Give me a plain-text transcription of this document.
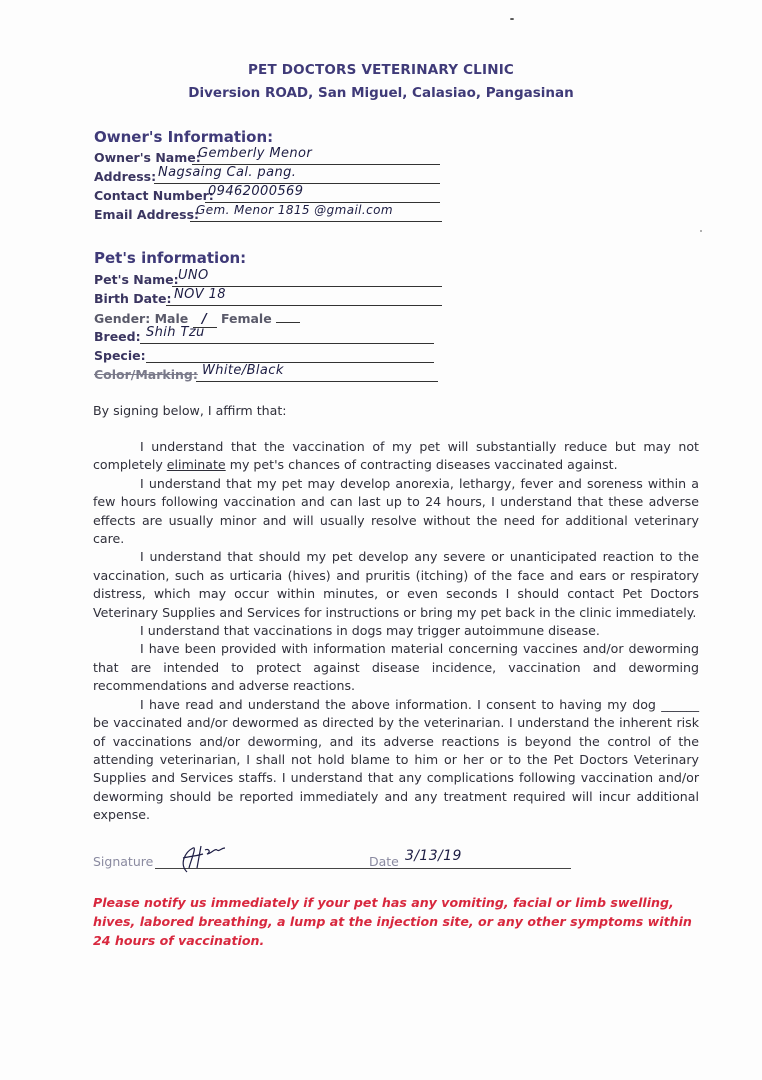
PET DOCTORS VETERINARY CLINIC
Diversion ROAD, San Miguel, Calasiao, Pangasinan
Owner's Information:
Owner's Name:
Gemberly Menor
Address: Nagsaing Cal. pang.
Contact Number:
09462000569
Email Address:
Gem. Menor 1815 @gmail.com
Pet's information:
Pet's Name: UNO
Birth Date: NOV 18
Gender: Male / Female
Breed: Shih Tzu
Specie:
Color/Marking: White/Black
By signing below, I affirm that:

I understand that the vaccination of my pet will substantially reduce but may not completely eliminate my pet's chances of contracting diseases vaccinated against.

I understand that my pet may develop anorexia, lethargy, fever and soreness within a few hours following vaccination and can last up to 24 hours, I understand that these adverse effects are usually minor and will usually resolve without the need for additional veterinary care.

I understand that should my pet develop any severe or unanticipated reaction to the vaccination, such as urticaria (hives) and pruritis (itching) of the face and ears or respiratory distress, which may occur within minutes, or even seconds I should contact Pet Doctors Veterinary Supplies and Services for instructions or bring my pet back in the clinic immediately.

I understand that vaccinations in dogs may trigger autoimmune disease.

I have been provided with information material concerning vaccines and/or deworming that are intended to protect against disease incidence, vaccination and deworming recommendations and adverse reactions.

I have read and understand the above information. I consent to having my dog ______ be vaccinated and/or dewormed as directed by the veterinarian. I understand the inherent risk of vaccinations and/or deworming, and its adverse reactions is beyond the control of the attending veterinarian, I shall not hold blame to him or her or to the Pet Doctors Veterinary Supplies and Services staffs. I understand that any complications following vaccination and/or deworming should be reported immediately and any treatment required will incur additional expense.

Signature	Date 3/13/19
Please notify us immediately if your pet has any vomiting, facial or limb swelling, hives, labored breathing, a lump at the injection site, or any other symptoms within 24 hours of vaccination.
